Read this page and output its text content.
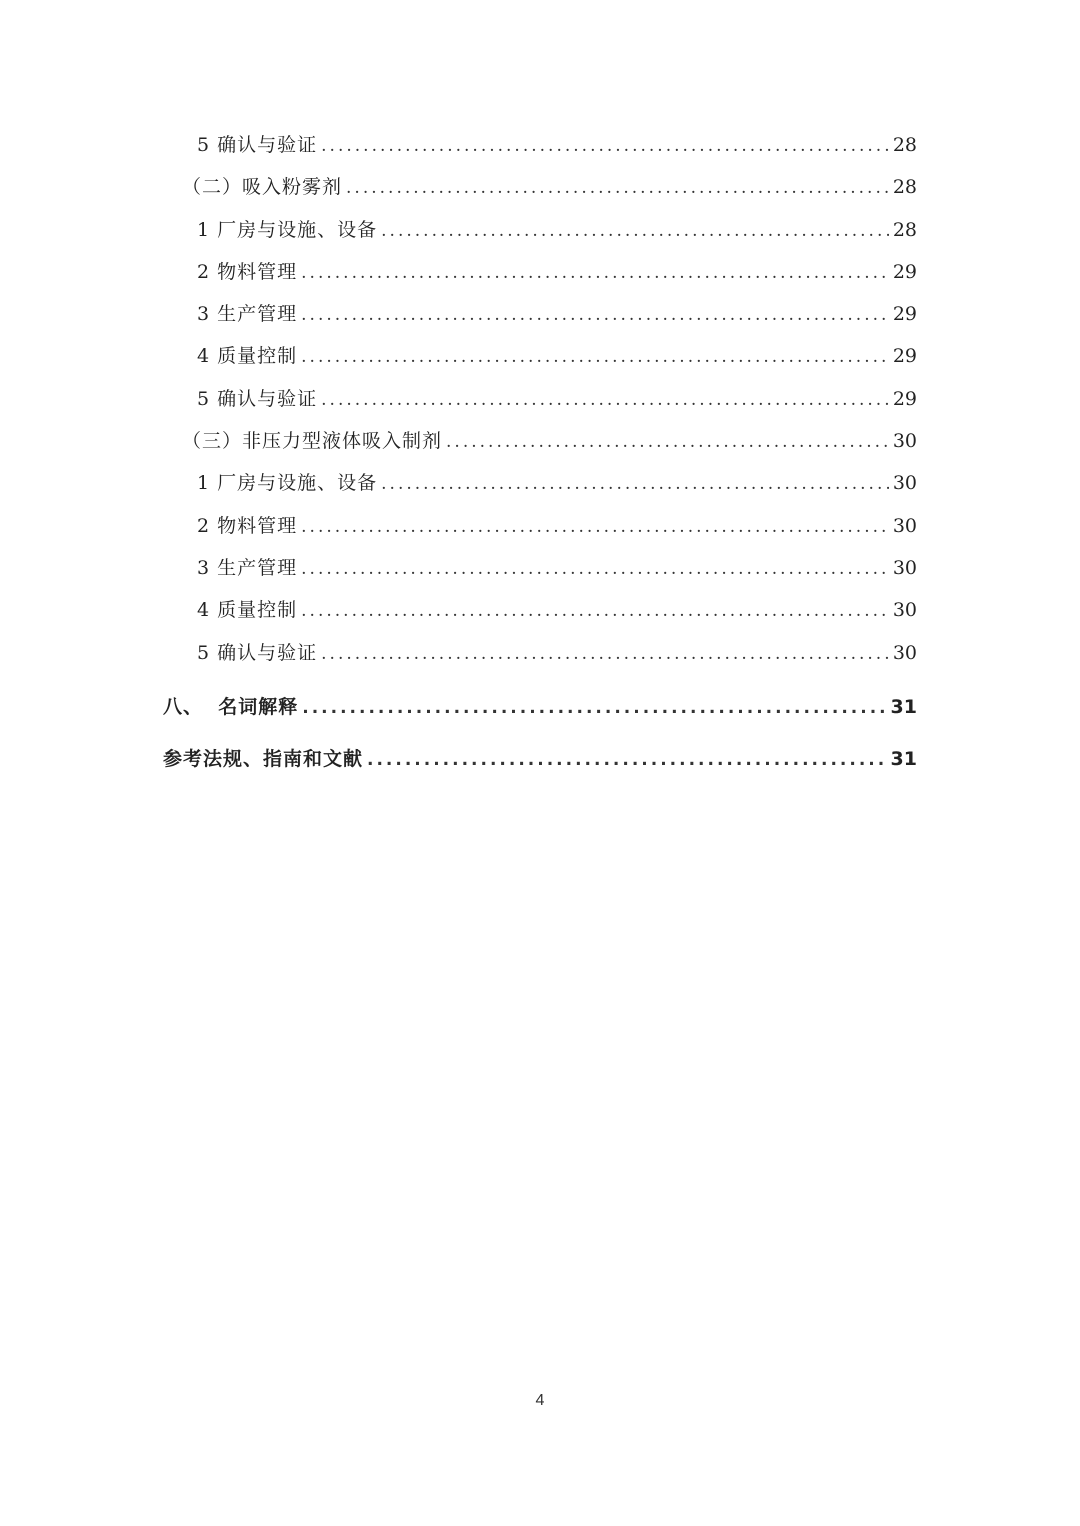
5 确认与验证 .....	28
（二）吸入粉雾剂 .....	28
1 厂房与设施、设备 .....	28
2 物料管理 .....	29
3 生产管理 .....	29
4 质量控制 .....	29
5 确认与验证 .....	29
（三）非压力型液体吸入制剂 .....	30
1 厂房与设施、设备 .....	30
2 物料管理 .....	30
3 生产管理 .....	30
4 质量控制 .....	30
5 确认与验证 .....	30
八、  名词解释 .....	31
参考法规、指南和文献 .....	31
4
